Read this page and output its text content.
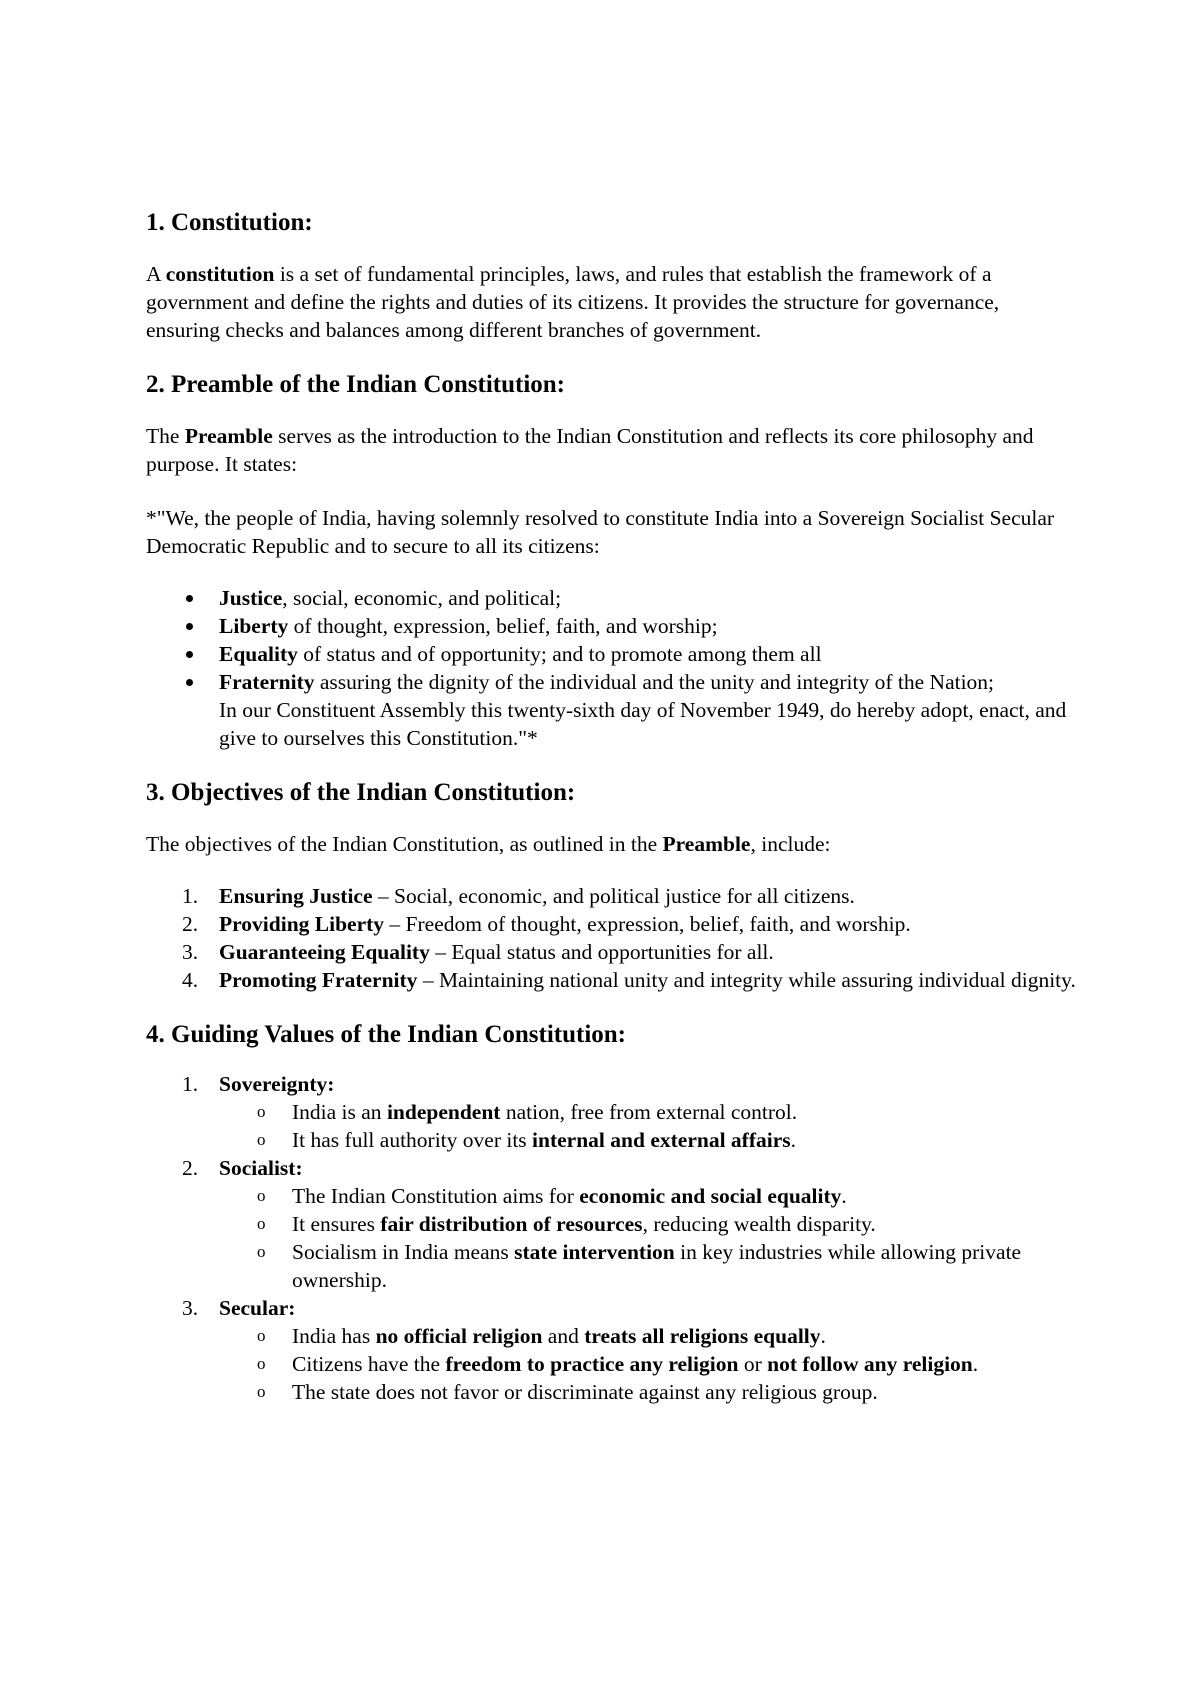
1. Constitution:

A constitution is a set of fundamental principles, laws, and rules that establish the framework of a government and define the rights and duties of its citizens. It provides the structure for governance, ensuring checks and balances among different branches of government.

2. Preamble of the Indian Constitution:

The Preamble serves as the introduction to the Indian Constitution and reflects its core philosophy and purpose. It states:

*"We, the people of India, having solemnly resolved to constitute India into a Sovereign Socialist Secular Democratic Republic and to secure to all its citizens:

Justice, social, economic, and political;
Liberty of thought, expression, belief, faith, and worship;
Equality of status and of opportunity; and to promote among them all
Fraternity assuring the dignity of the individual and the unity and integrity of the Nation;
In our Constituent Assembly this twenty-sixth day of November 1949, do hereby adopt, enact, and give to ourselves this Constitution."*
3. Objectives of the Indian Constitution:

The objectives of the Indian Constitution, as outlined in the Preamble, include:

1. Ensuring Justice – Social, economic, and political justice for all citizens.
2. Providing Liberty – Freedom of thought, expression, belief, faith, and worship.
3. Guaranteeing Equality – Equal status and opportunities for all.
4. Promoting Fraternity – Maintaining national unity and integrity while assuring individual dignity.
4. Guiding Values of the Indian Constitution:
1. Sovereignty:
o India is an independent nation, free from external control.
o It has full authority over its internal and external affairs.
2. Socialist:
o The Indian Constitution aims for economic and social equality.
o It ensures fair distribution of resources, reducing wealth disparity.
o Socialism in India means state intervention in key industries while allowing private ownership.
3. Secular:
o India has no official religion and treats all religions equally.
o Citizens have the freedom to practice any religion or not follow any religion.
o The state does not favor or discriminate against any religious group.
